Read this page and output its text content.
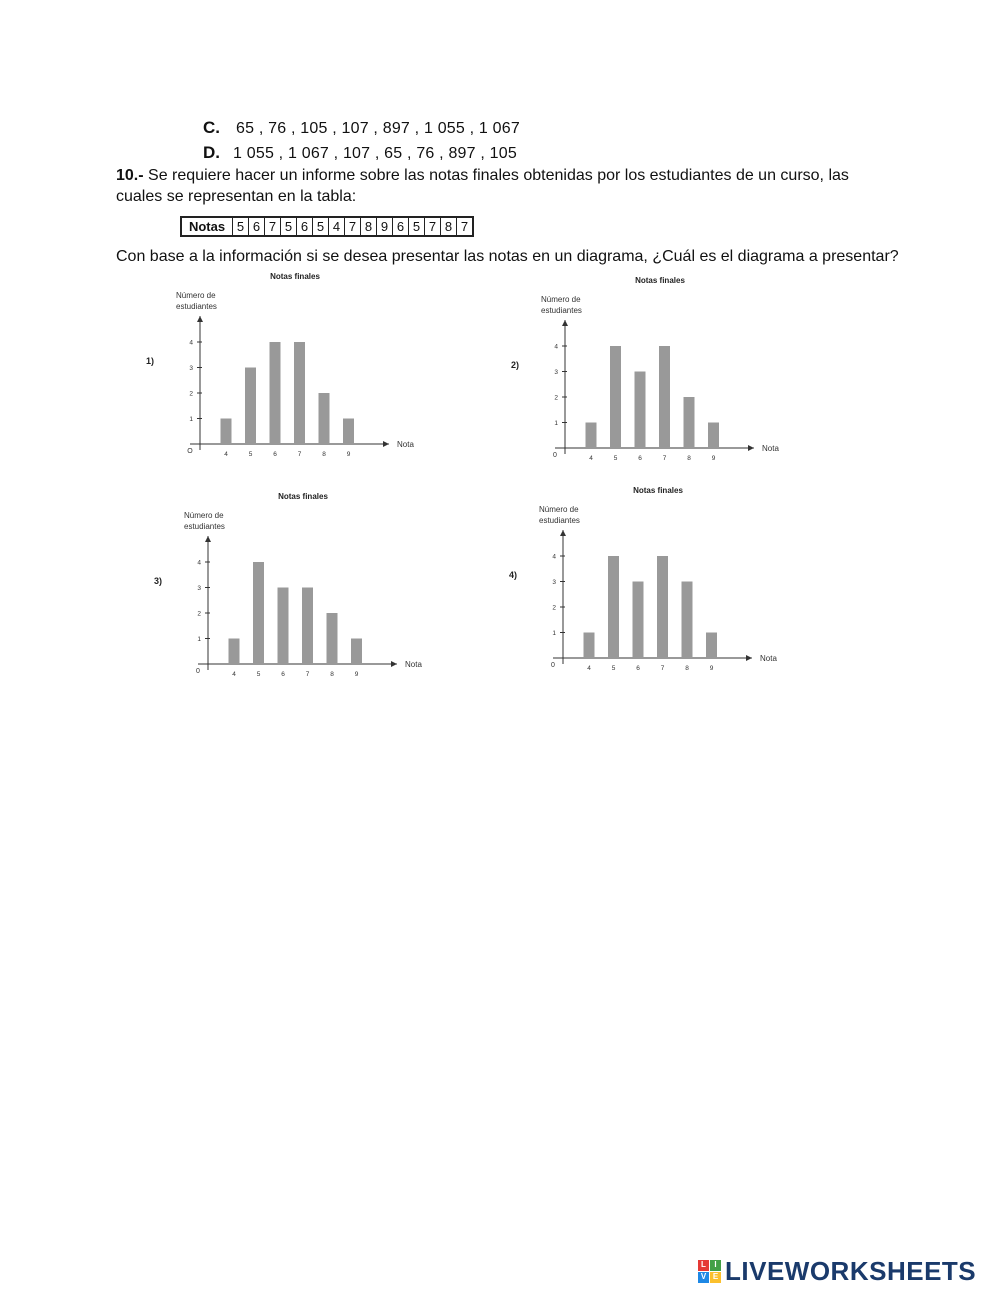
C. 65 , 76 , 105 , 107 , 897 , 1 055 , 1 067
D. 1 055 , 1 067 , 107 , 65 , 76 , 897 , 105
10.- Se requiere hacer un informe sobre las notas finales obtenidas por los estudiantes de un curso, las
cuales se representan en la tabla:
Notas	5	6	7	5	6	5	4	7	8	9	6	5	7	8	7
Con base a la información si se desea presentar las notas en un diagrama, ¿Cuál es el diagrama a presentar?
Notas finales
1)
Número de
estudiantes
Nota
O
1
2
3
4
4	5	6	7	8	9
Notas finales
2)
Número de
estudiantes
Nota
0
1
2
3
4
4	5	6	7	8	9
Notas finales
3)
Número de
estudiantes
Nota
0
1
2
3
4
4	5	6	7	8	9
Notas finales
4)
Número de
estudiantes
Nota
0
1
2
3
4
4	5	6	7	8	9
L	I
V E LIVEWORKSHEETS
